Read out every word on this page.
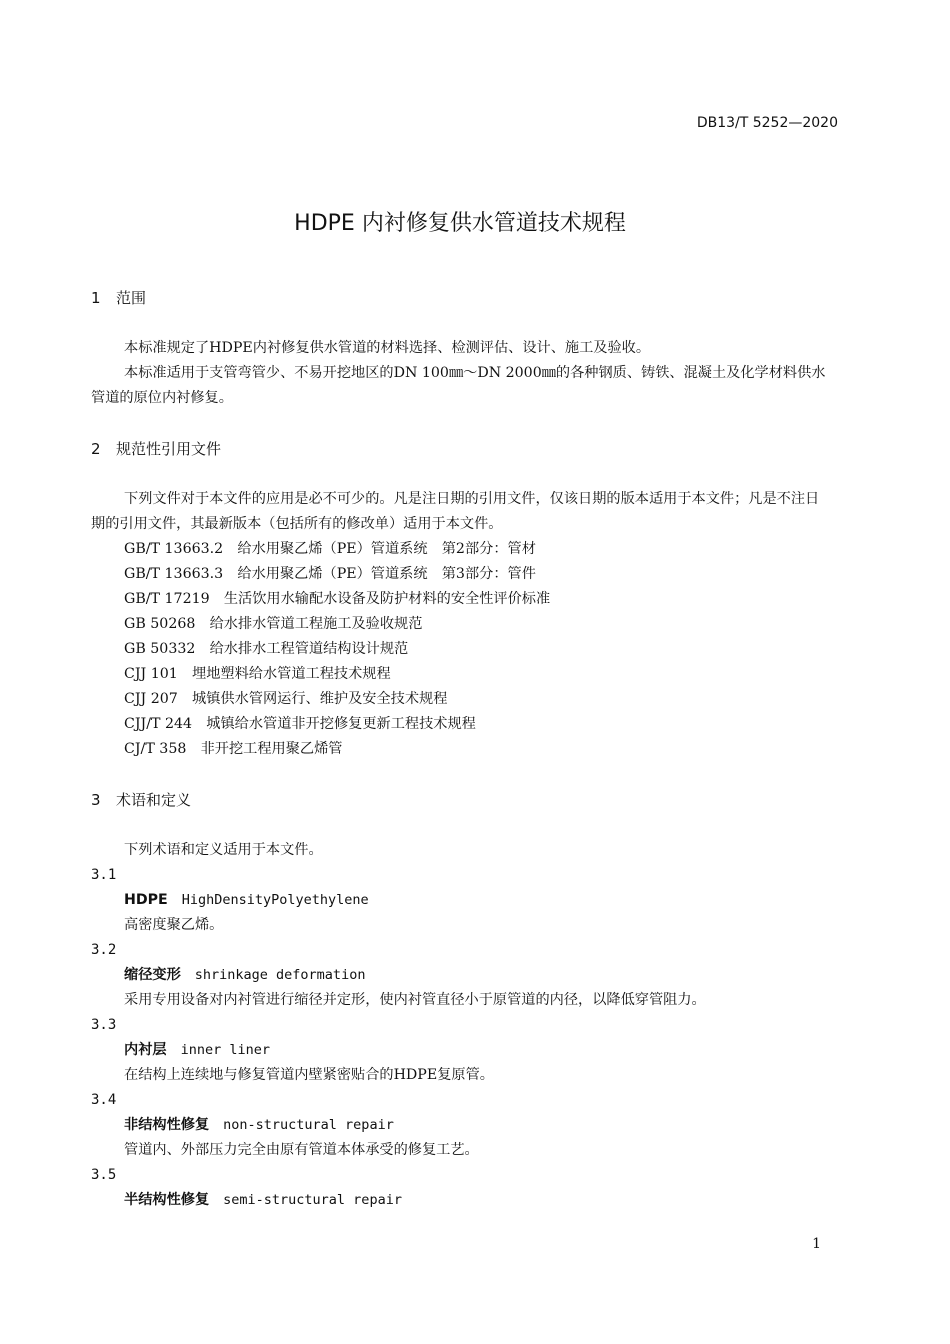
DB13/T 5252—2020
HDPE 内衬修复供水管道技术规程

1 范围

本标准规定了HDPE内衬修复供水管道的材料选择、检测评估、设计、施工及验收。

本标准适用于支管弯管少、不易开挖地区的DN 100㎜～DN 2000㎜的各种钢质、铸铁、混凝土及化学材料供水管道的原位内衬修复。

2 规范性引用文件

下列文件对于本文件的应用是必不可少的。凡是注日期的引用文件，仅该日期的版本适用于本文件；凡是不注日期的引用文件，其最新版本（包括所有的修改单）适用于本文件。

GB/T 13663.2　 给水用聚乙烯（PE）管道系统　第2部分：管材

GB/T 13663.3　 给水用聚乙烯（PE）管道系统　第3部分：管件

GB/T 17219　 生活饮用水输配水设备及防护材料的安全性评价标准

GB 50268　 给水排水管道工程施工及验收规范

GB 50332　 给水排水工程管道结构设计规范

CJJ 101　 埋地塑料给水管道工程技术规程

CJJ 207　 城镇供水管网运行、维护及安全技术规程

CJJ/T 244　 城镇给水管道非开挖修复更新工程技术规程

CJ/T 358　 非开挖工程用聚乙烯管

3 术语和定义

下列术语和定义适用于本文件。

3.1

HDPE HighDensityPolyethylene

高密度聚乙烯。

3.2

缩径变形 shrinkage deformation

采用专用设备对内衬管进行缩径并定形，使内衬管直径小于原管道的内径，以降低穿管阻力。

3.3

内衬层 inner liner

在结构上连续地与修复管道内壁紧密贴合的HDPE复原管。

3.4

非结构性修复 non-structural repair

管道内、外部压力完全由原有管道本体承受的修复工艺。

3.5

半结构性修复 semi-structural repair

1
